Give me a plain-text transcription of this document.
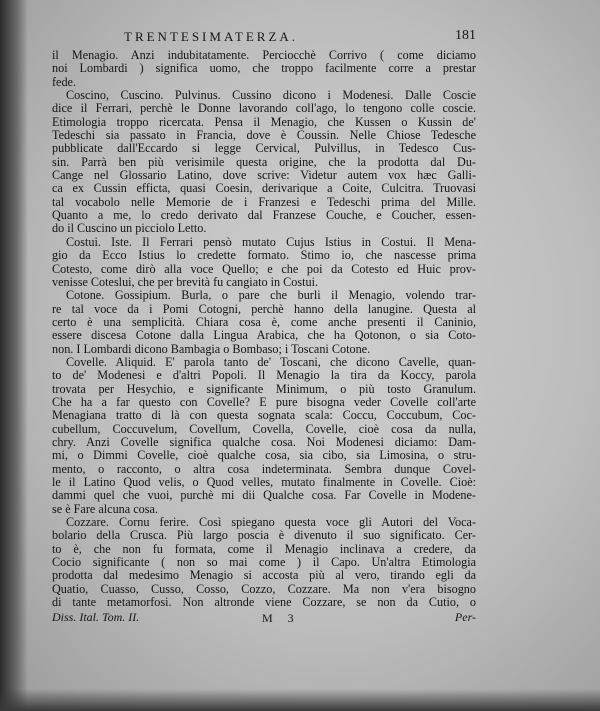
TRENTESIMATERZA.	181
il Menagio. Anzi indubitatamente. Perciocchè Corrivo ( come diciamo
noi Lombardi ) significa uomo, che troppo facilmente corre a prestar
fede.
Coscino, Cuscino. Pulvinus. Cussino dicono i Modenesi. Dalle Coscie
dice il Ferrari, perchè le Donne lavorando coll'ago, lo tengono colle coscie.
Etimologia troppo ricercata. Pensa il Menagio, che Kussen o Kussin de'
Tedeschi sia passato in Francia, dove è Coussin. Nelle Chiose Tedesche
pubblicate dall'Eccardo si legge Cervical, Pulvillus, in Tedesco Cus-
sin. Parrà ben più verisimile questa origine, che la prodotta dal Du-
Cange nel Glossario Latino, dove scrive: Videtur autem vox hæc Galli-
ca ex Cussin efficta, quasi Coesin, derivarique a Coite, Culcitra. Truovasi
tal vocabolo nelle Memorie de i Franzesi e Tedeschi prima del Mille.
Quanto a me, lo credo derivato dal Franzese Couche, e Coucher, essen-
do il Cuscino un picciolo Letto.
Costui. Iste. Il Ferrari pensò mutato Cujus Istius in Costui. Il Mena-
gio da Ecco Istius lo credette formato. Stimo io, che nascesse prima
Cotesto, come dirò alla voce Quello; e che poi da Cotesto ed Huic prov-
venisse Coteslui, che per brevità fu cangiato in Costui.
Cotone. Gossipium. Burla, o pare che burli il Menagio, volendo trar-
re tal voce da i Pomi Cotogni, perchè hanno della lanugine. Questa al
certo è una semplicità. Chiara cosa è, come anche presenti il Caninio,
essere discesa Cotone dalla Lingua Arabica, che ha Qotonon, o sia Coto-
non. I Lombardi dicono Bambagia o Bombaso; i Toscani Cotone.
Covelle. Aliquid. E' parola tanto de' Toscani, che dicono Cavelle, quan-
to de' Modenesi e d'altri Popoli. Il Menagio la tira da Koccy, parola
trovata per Hesychio, e significante Minimum, o più tosto Granulum.
Che ha a far questo con Covelle? E pure bisogna veder Covelle coll'arte
Menagiana tratto di là con questa sognata scala: Coccu, Coccubum, Coc-
cubellum, Coccuvelum, Covellum, Covella, Covelle, cioè cosa da nulla,
chry. Anzi Covelle significa qualche cosa. Noi Modenesi diciamo: Dam-
mi, o Dimmi Covelle, cioè qualche cosa, sia cibo, sia Limosina, o stru-
mento, o racconto, o altra cosa indeterminata. Sembra dunque Covel-
le il Latino Quod velis, o Quod velles, mutato finalmente in Covelle. Cioè:
dammi quel che vuoi, purchè mi dii Qualche cosa. Far Covelle in Modene-
se è Fare alcuna cosa.
Cozzare. Cornu ferire. Così spiegano questa voce gli Autori del Voca-
bolario della Crusca. Più largo poscia è divenuto il suo significato. Cer-
to è, che non fu formata, come il Menagio inclinava a credere, da
Cocio significante ( non so mai come ) il Capo. Un'altra Etimologia
prodotta dal medesimo Menagio si accosta più al vero, tirando egli da
Quatio, Cuasso, Cusso, Cosso, Cozzo, Cozzare. Ma non v'era bisogno
di tante metamorfosi. Non altronde viene Cozzare, se non da Cutio, o
Diss. Ital. Tom. II.	M 3	Per-
